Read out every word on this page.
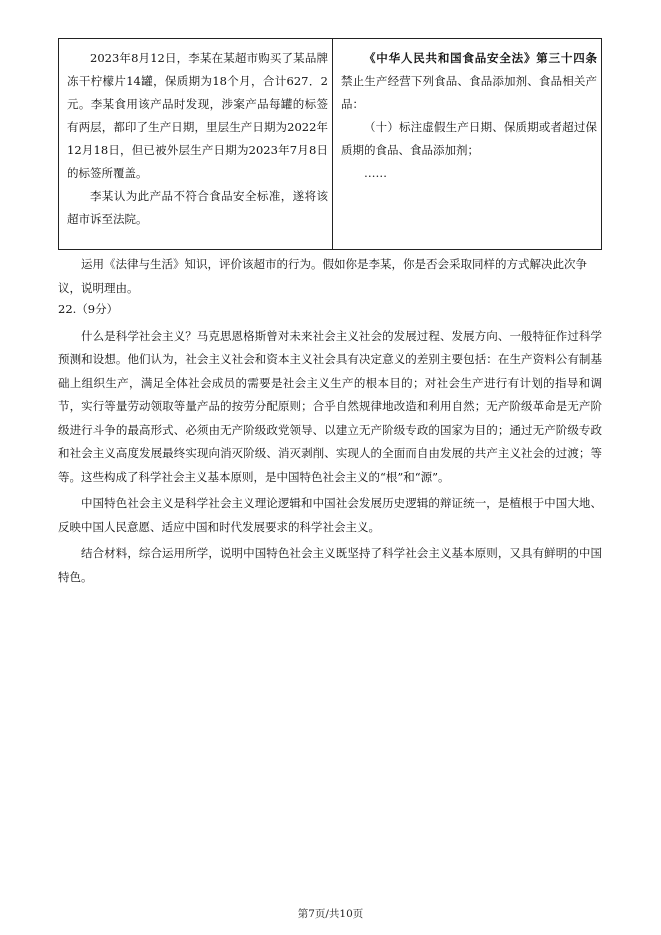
2023年8月12日，李某在某超市购买了某品牌冻干柠檬片14罐，保质期为18个月，合计627．2元。李某食用该产品时发现，涉案产品每罐的标签有两层，都印了生产日期，里层生产日期为2022年12月18日，但已被外层生产日期为2023年7月8日的标签所覆盖。

李某认为此产品不符合食品安全标准，遂将该超市诉至法院。

《中华人民共和国食品安全法》第三十四条　禁止生产经营下列食品、食品添加剂、食品相关产品：

（十）标注虚假生产日期、保质期或者超过保质期的食品、食品添加剂；

……

运用《法律与生活》知识，评价该超市的行为。假如你是李某，你是否会采取同样的方式解决此次争议，说明理由。

22.（9分）

什么是科学社会主义？马克思恩格斯曾对未来社会主义社会的发展过程、发展方向、一般特征作过科学预测和设想。他们认为，社会主义社会和资本主义社会具有决定意义的差别主要包括：在生产资料公有制基础上组织生产，满足全体社会成员的需要是社会主义生产的根本目的；对社会生产进行有计划的指导和调节，实行等量劳动领取等量产品的按劳分配原则；合乎自然规律地改造和利用自然；无产阶级革命是无产阶级进行斗争的最高形式、必须由无产阶级政党领导、以建立无产阶级专政的国家为目的；通过无产阶级专政和社会主义高度发展最终实现向消灭阶级、消灭剥削、实现人的全面而自由发展的共产主义社会的过渡；等等。这些构成了科学社会主义基本原则，是中国特色社会主义的“根”和“源”。

中国特色社会主义是科学社会主义理论逻辑和中国社会发展历史逻辑的辩证统一，是植根于中国大地、反映中国人民意愿、适应中国和时代发展要求的科学社会主义。

结合材料，综合运用所学，说明中国特色社会主义既坚持了科学社会主义基本原则，又具有鲜明的中国特色。

第7页/共10页
